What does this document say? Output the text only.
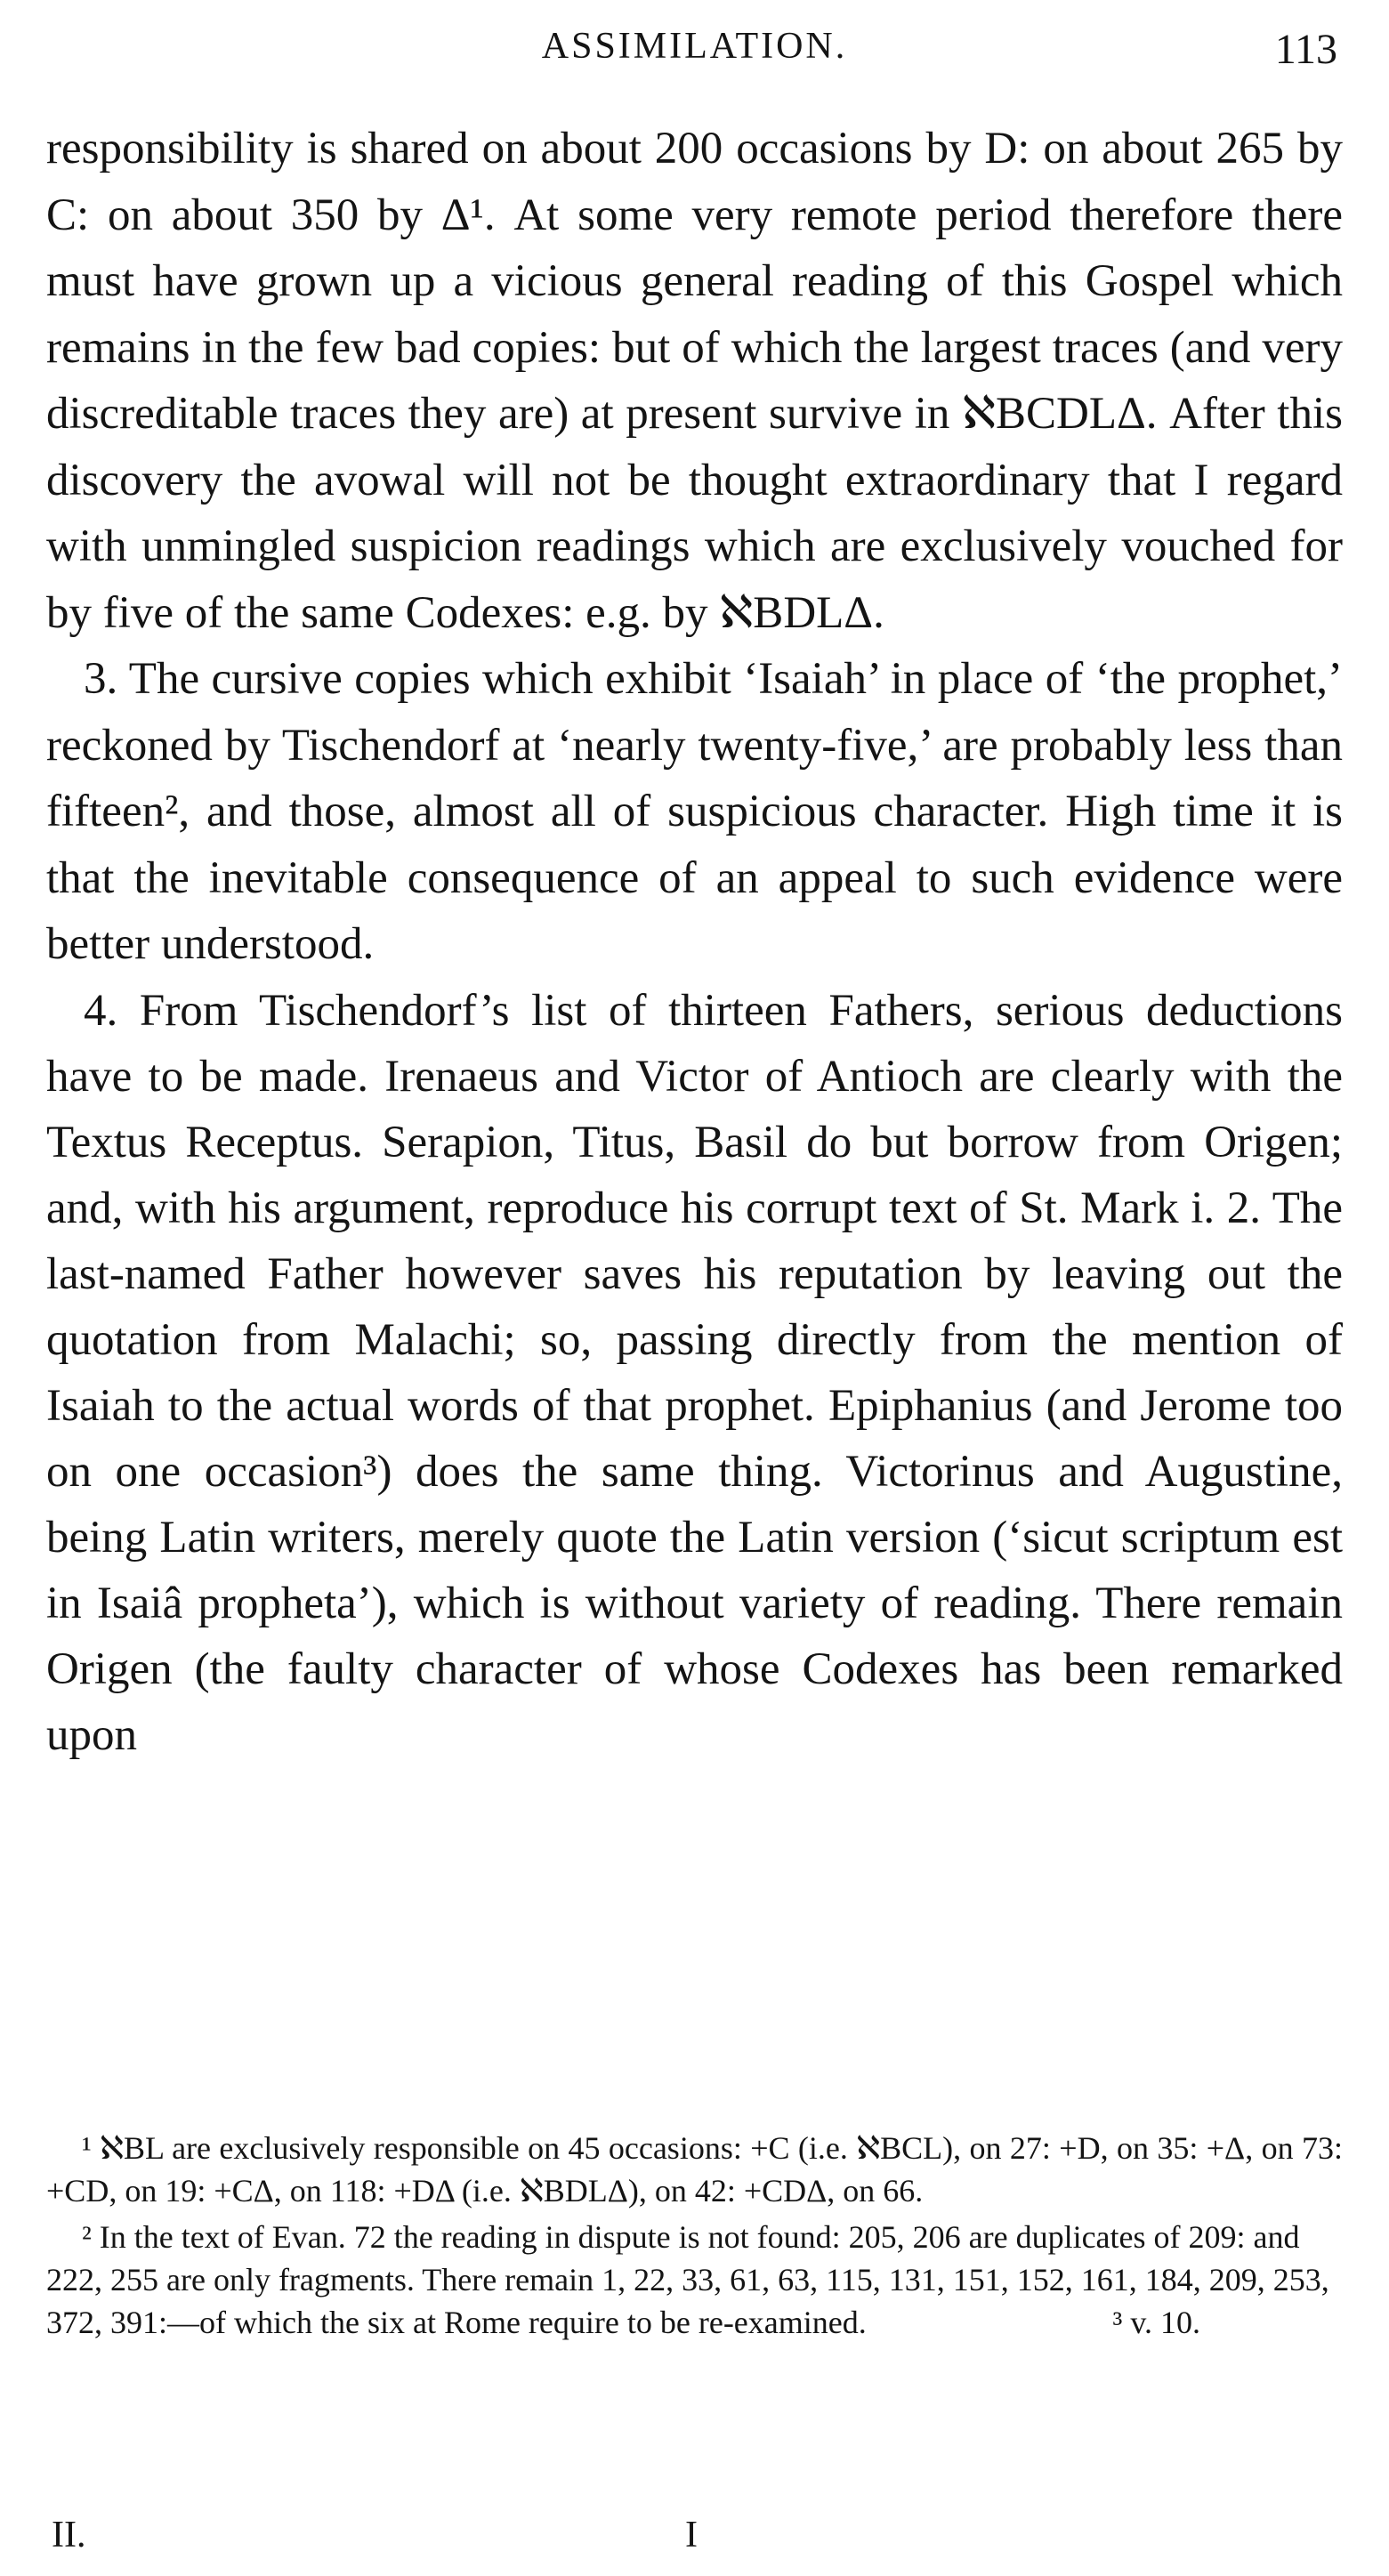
ASSIMILATION.	113

responsibility is shared on about 200 occasions by D: on about 265 by C: on about 350 by Δ¹. At some very remote period therefore there must have grown up a vicious general reading of this Gospel which remains in the few bad copies: but of which the largest traces (and very discreditable traces they are) at present survive in ℵBCDLΔ. After this discovery the avowal will not be thought extraordinary that I regard with unmingled suspicion readings which are exclusively vouched for by five of the same Codexes: e.g. by ℵBDLΔ.

3. The cursive copies which exhibit ‘Isaiah’ in place of ‘the prophet,’ reckoned by Tischendorf at ‘nearly twenty-five,’ are probably less than fifteen², and those, almost all of suspicious character. High time it is that the inevitable consequence of an appeal to such evidence were better understood.

4. From Tischendorf’s list of thirteen Fathers, serious deductions have to be made. Irenaeus and Victor of Antioch are clearly with the Textus Receptus. Serapion, Titus, Basil do but borrow from Origen; and, with his argument, reproduce his corrupt text of St. Mark i. 2. The last-named Father however saves his reputation by leaving out the quotation from Malachi; so, passing directly from the mention of Isaiah to the actual words of that prophet. Epiphanius (and Jerome too on one occasion³) does the same thing. Victorinus and Augustine, being Latin writers, merely quote the Latin version (‘sicut scriptum est in Isaiâ propheta’), which is without variety of reading. There remain Origen (the faulty character of whose Codexes has been remarked upon

¹ ℵBL are exclusively responsible on 45 occasions: +C (i.e. ℵBCL), on 27: +D, on 35: +Δ, on 73: +CD, on 19: +CΔ, on 118: +DΔ (i.e. ℵBDLΔ), on 42: +CDΔ, on 66.

² In the text of Evan. 72 the reading in dispute is not found: 205, 206 are duplicates of 209: and 222, 255 are only fragments. There remain 1, 22, 33, 61, 63, 115, 131, 151, 152, 161, 184, 209, 253, 372, 391:—of which the six at Rome require to be re-examined.	³ v. 10.

II.	I
